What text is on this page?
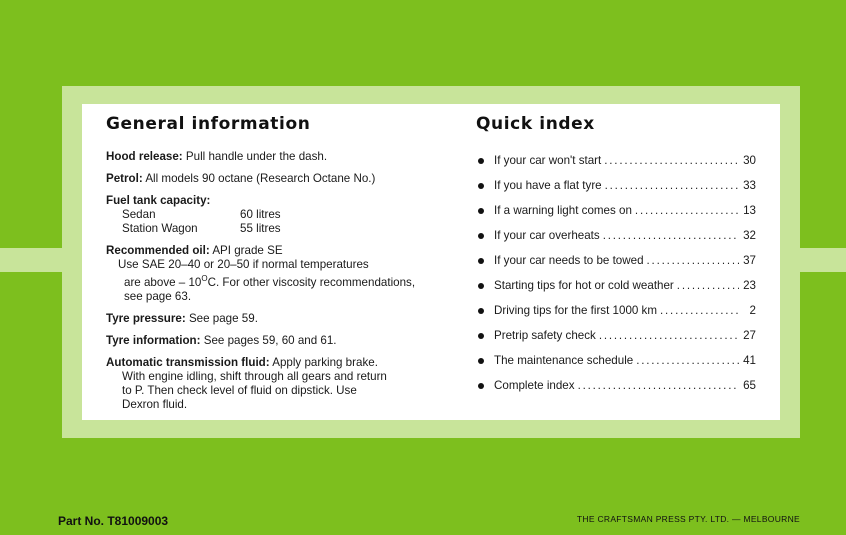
General information
Hood release: Pull handle under the dash.
Petrol: All models 90 octane (Research Octane No.)
Fuel tank capacity:
Sedan	60 litres
Station Wagon	55 litres
Recommended oil: API grade SE
Use SAE 20–40 or 20–50 if normal temperatures
are above – $10^OC$. For other viscosity recommendations,
see page 63.
Tyre pressure: See page 59.
Tyre information: See pages 59, 60 and 61.
Automatic transmission fluid: Apply parking brake.
With engine idling, shift through all gears and return
to P. Then check level of fluid on dipstick. Use
Dexron fluid.
Quick index
If your car won't start .....	30
If you have a flat tyre .....	33
If a warning light comes on .....	13
If your car overheats .....	32
If your car needs to be towed .....	37
Starting tips for hot or cold weather .....	23
Driving tips for the first 1000 km .....	2
Pretrip safety check .....	27
The maintenance schedule .....	41
Complete index .....	65
Part No. T81009003	THE CRAFTSMAN PRESS PTY. LTD. — MELBOURNE
